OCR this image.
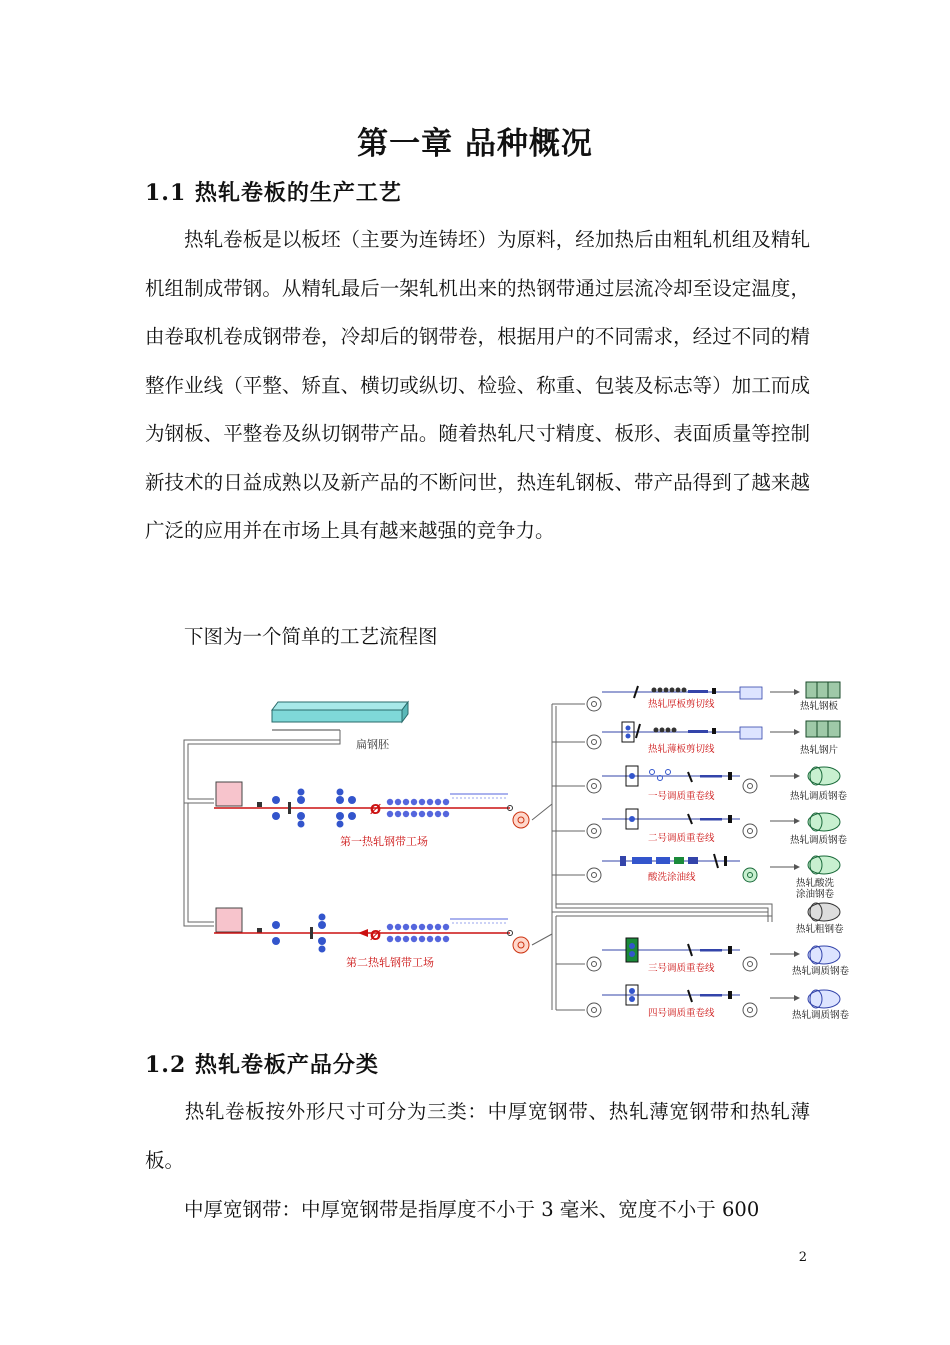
第一章 品种概况
1.1 热轧卷板的生产工艺

热轧卷板是以板坯（主要为连铸坯）为原料，经加热后由粗轧机组及精轧机组制成带钢。从精轧最后一架轧机出来的热钢带通过层流冷却至设定温度，由卷取机卷成钢带卷，冷却后的钢带卷，根据用户的不同需求，经过不同的精整作业线（平整、矫直、横切或纵切、检验、称重、包装及标志等）加工而成为钢板、平整卷及纵切钢带产品。随着热轧尺寸精度、板形、表面质量等控制新技术的日益成熟以及新产品的不断问世，热连轧钢板、带产品得到了越来越广泛的应用并在市场上具有越来越强的竞争力。

下图为一个简单的工艺流程图

扁钢胚
Ø
第一热轧钢带工场
Ø
第二热轧钢带工场
热轧厚板剪切线	热轧钢板
热轧薄板剪切线	热轧钢片
一号调质重卷线	热轧调质钢卷
二号调质重卷线	热轧调质钢卷
酸洗涂油线
热轧酸洗
涂油钢卷
热轧粗钢卷
三号调质重卷线	热轧调质钢卷
四号调质重卷线	热轧调质钢卷
1.2 热轧卷板产品分类

热轧卷板按外形尺寸可分为三类：中厚宽钢带、热轧薄宽钢带和热轧薄板。

中厚宽钢带：中厚宽钢带是指厚度不小于 3 毫米、宽度不小于 600

2
